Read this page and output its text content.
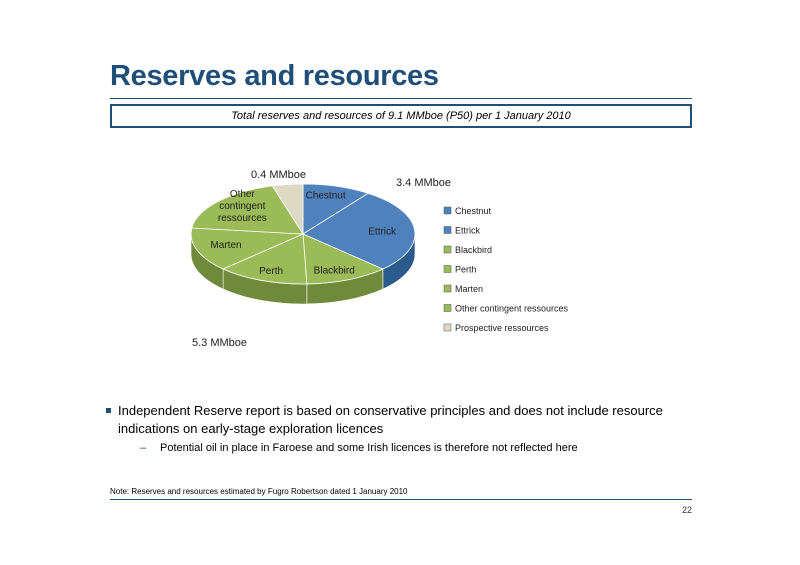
Reserves and resources
Total reserves and resources of 9.1 MMboe (P50) per 1 January 2010
Chestnut
Ettrick
Blackbird
Perth
Marten
Other contingent ressources
0.4 MMboe
3.4 MMboe
5.3 MMboe
Chestnut
Ettrick
Blackbird
Perth
Marten
Other contingent ressources
Prospective ressources
Independent Reserve report is based on conservative principles and does not include resource indications on early-stage exploration licences
–	Potential oil in place in Faroese and some Irish licences is therefore not reflected here
Note: Reserves and resources estimated by Fugro Robertson dated 1 January 2010
22
